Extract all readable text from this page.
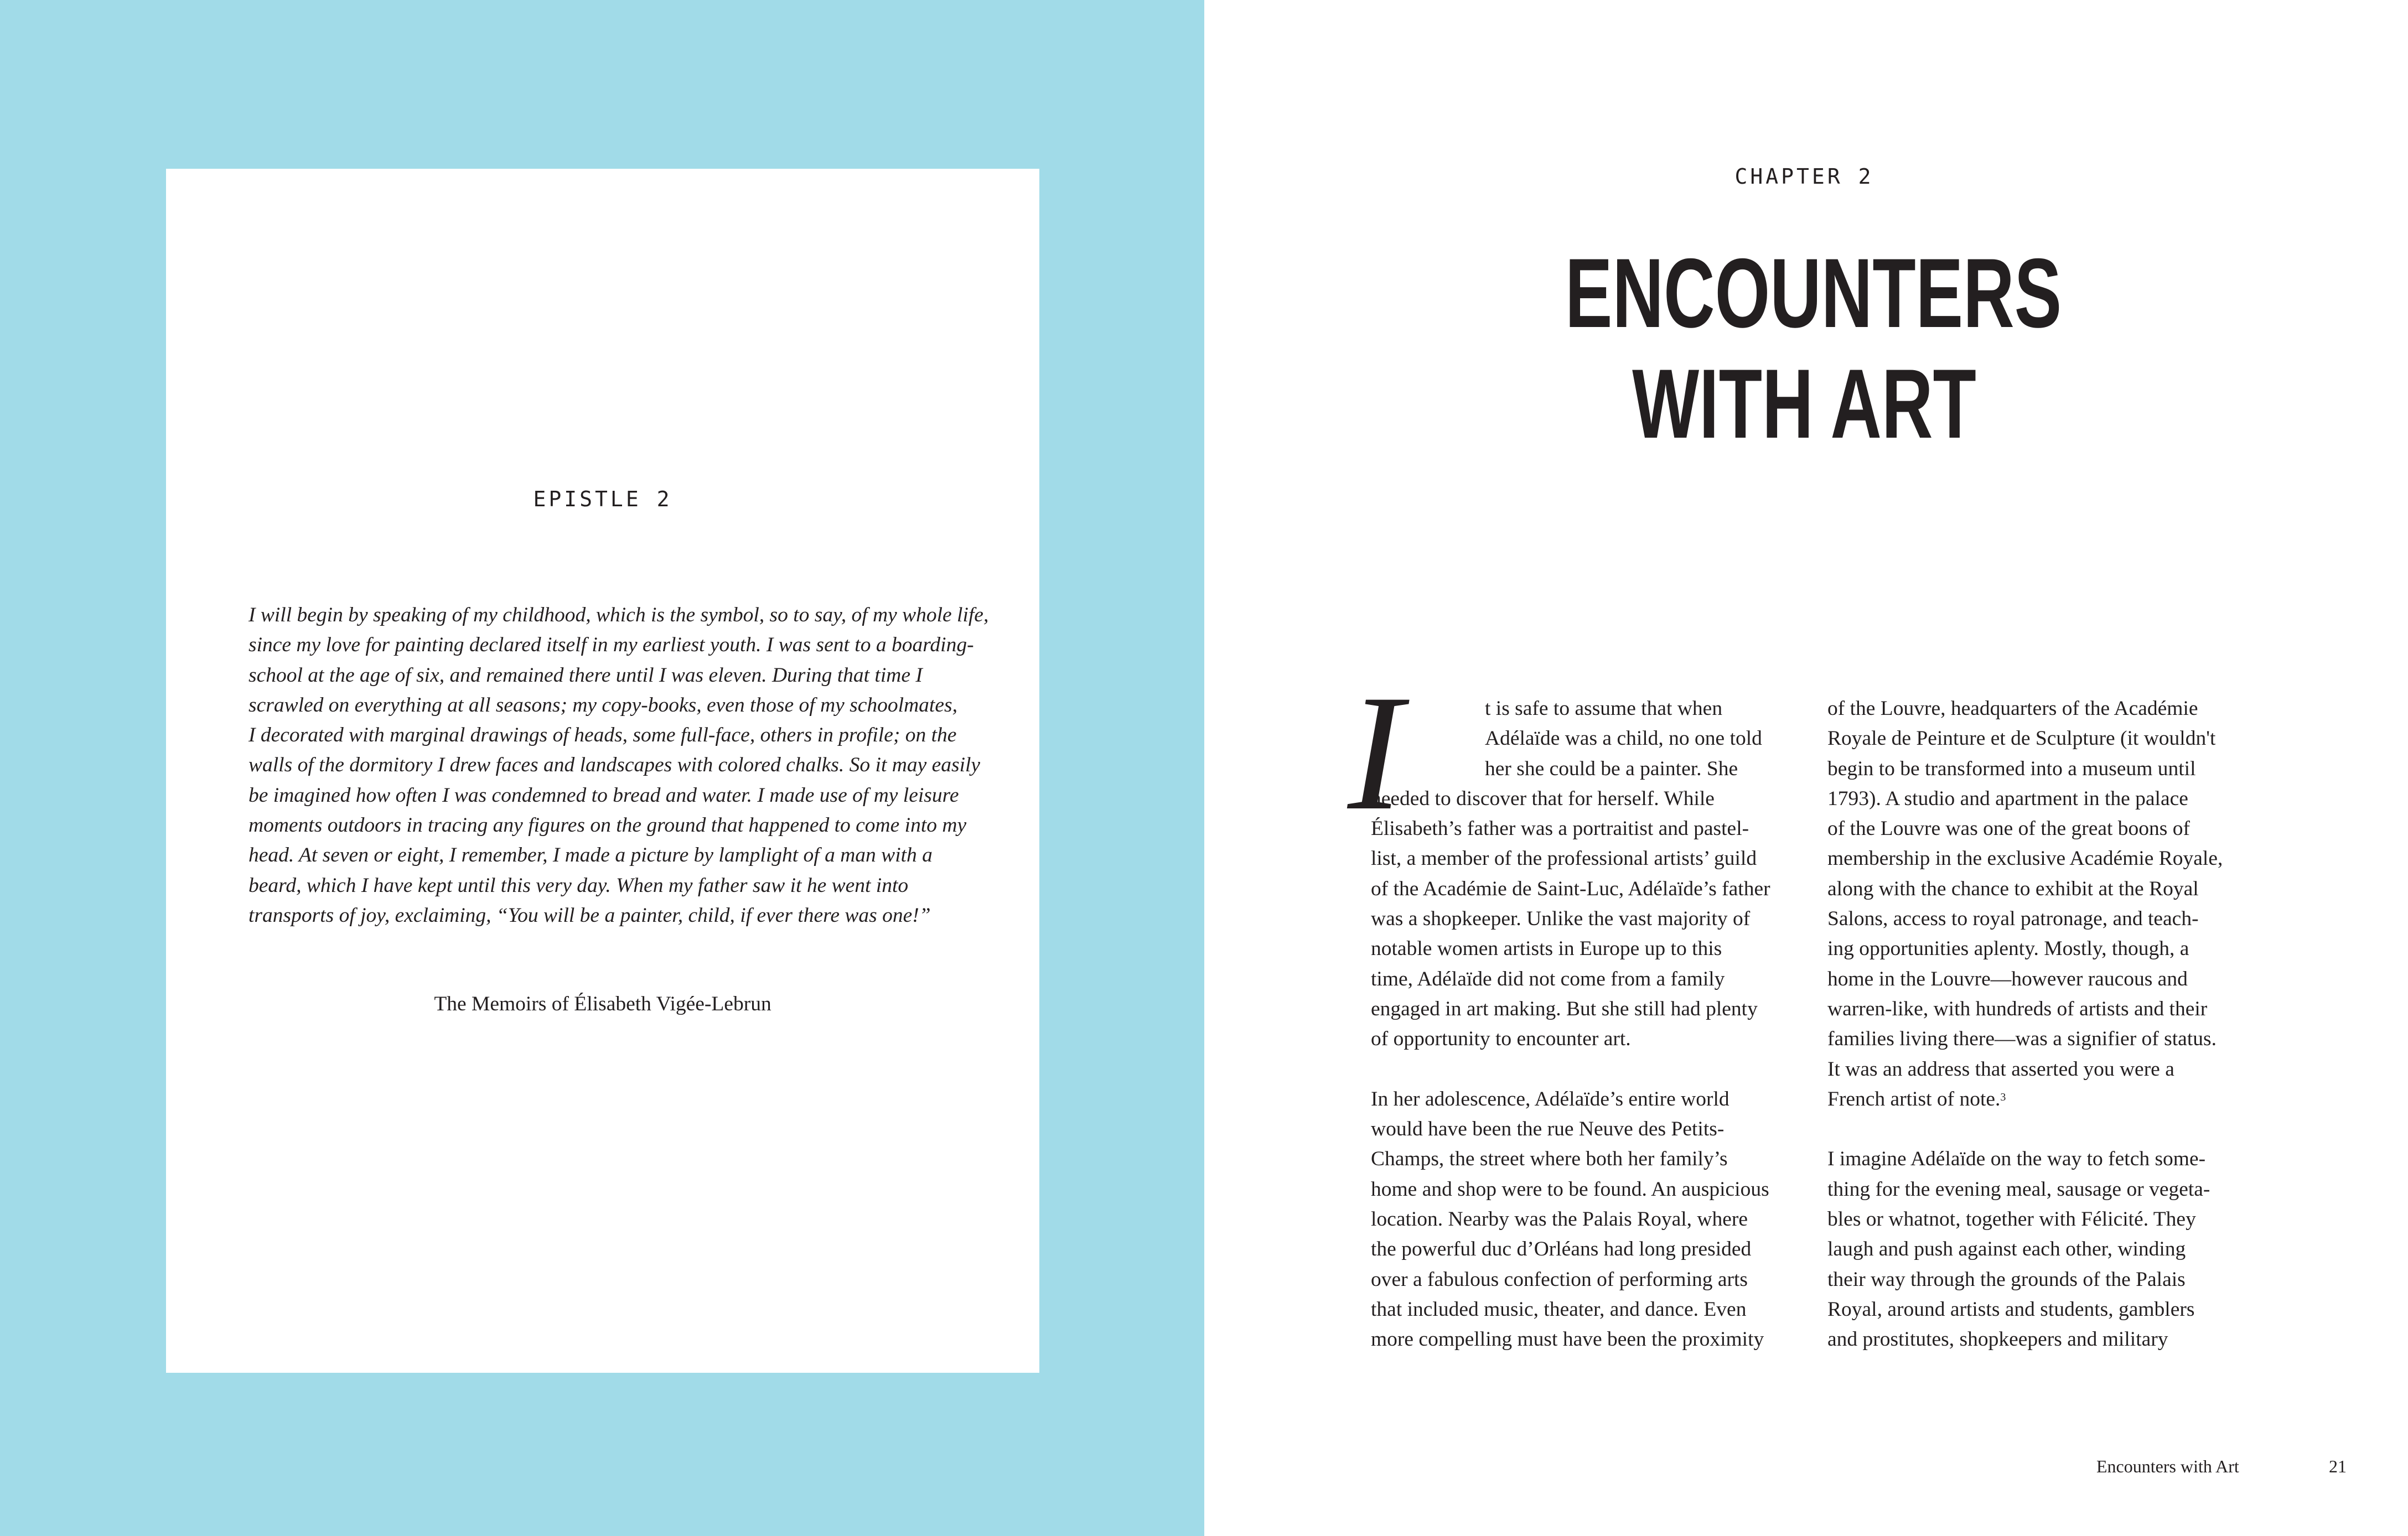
EPISTLE 2

I will begin by speaking of my childhood, which is the symbol, so to say, of my whole life,
since my love for painting declared itself in my earliest youth. I was sent to a boarding-
school at the age of six, and remained there until I was eleven. During that time I
scrawled on everything at all seasons; my copy-books, even those of my schoolmates,
I decorated with marginal drawings of heads, some full-face, others in profile; on the
walls of the dormitory I drew faces and landscapes with colored chalks. So it may easily
be imagined how often I was condemned to bread and water. I made use of my leisure
moments outdoors in tracing any figures on the ground that happened to come into my
head. At seven or eight, I remember, I made a picture by lamplight of a man with a
beard, which I have kept until this very day. When my father saw it he went into
transports of joy, exclaiming, “You will be a painter, child, if ever there was one!”

The Memoirs of Élisabeth Vigée-Lebrun
CHAPTER 2
ENCOUNTERS
WITH ART
I	t is safe to assume that when
Adélaïde was a child, no one told
her she could be a painter. She
needed to discover that for herself. While
Élisabeth’s father was a portraitist and pastel-
list, a member of the professional artists’ guild
of the Académie de Saint-Luc, Adélaïde’s father
was a shopkeeper. Unlike the vast majority of
notable women artists in Europe up to this
time, Adélaïde did not come from a family
engaged in art making. But she still had plenty
of opportunity to encounter art.
In her adolescence, Adélaïde’s entire world
would have been the rue Neuve des Petits-
Champs, the street where both her family’s
home and shop were to be found. An auspicious
location. Nearby was the Palais Royal, where
the powerful duc d’Orléans had long presided
over a fabulous confection of performing arts
that included music, theater, and dance. Even
more compelling must have been the proximity
of the Louvre, headquarters of the Académie
Royale de Peinture et de Sculpture (it wouldn't
begin to be transformed into a museum until
1793). A studio and apartment in the palace
of the Louvre was one of the great boons of
membership in the exclusive Académie Royale,
along with the chance to exhibit at the Royal
Salons, access to royal patronage, and teach-
ing opportunities aplenty. Mostly, though, a
home in the Louvre—however raucous and
warren-like, with hundreds of artists and their
families living there—was a signifier of status.
It was an address that asserted you were a
French artist of note.$^3$
I imagine Adélaïde on the way to fetch some-
thing for the evening meal, sausage or vegeta-
bles or whatnot, together with Félicité. They
laugh and push against each other, winding
their way through the grounds of the Palais
Royal, around artists and students, gamblers
and prostitutes, shopkeepers and military
Encounters with Art	21
